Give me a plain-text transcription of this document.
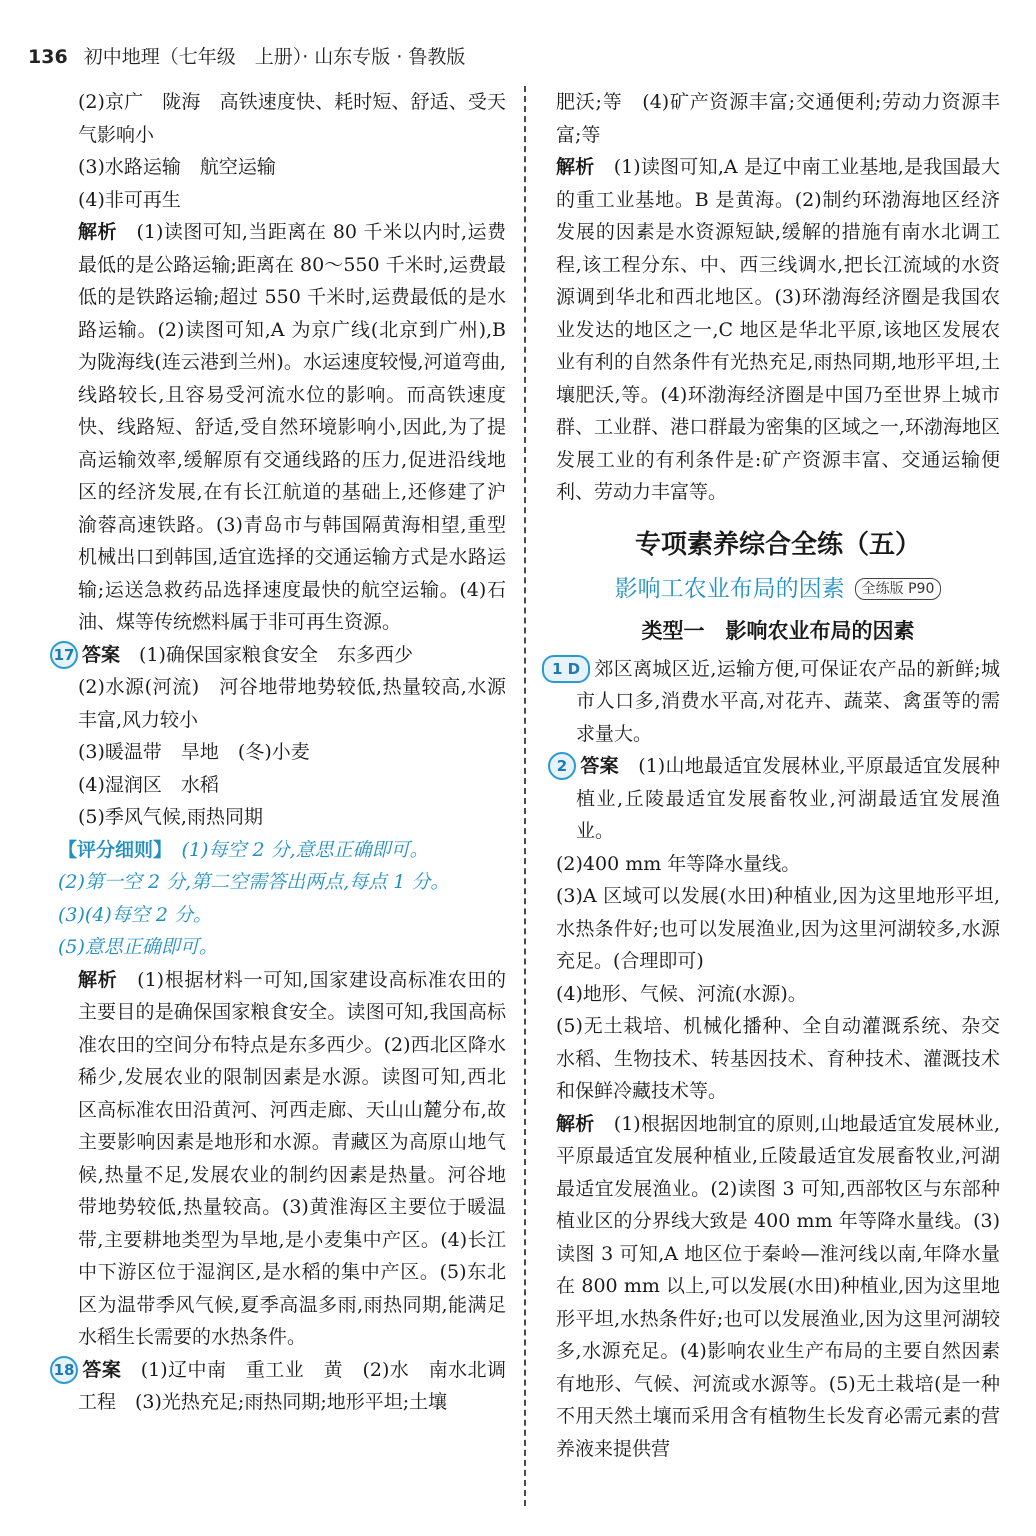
136 初中地理（七年级　上册）· 山东专版 · 鲁教版

(2)京广　陇海　高铁速度快、耗时短、舒适、受天气影响小

(3)水路运输　航空运输

(4)非可再生

解析　 (1)读图可知,当距离在 80 千米以内时,运费最低的是公路运输;距离在 80～550 千米时,运费最低的是铁路运输;超过 550 千米时,运费最低的是水路运输。(2)读图可知,A 为京广线(北京到广州),B 为陇海线(连云港到兰州)。水运速度较慢,河道弯曲,线路较长,且容易受河流水位的影响。而高铁速度快、线路短、舒适,受自然环境影响小,因此,为了提高运输效率,缓解原有交通线路的压力,促进沿线地区的经济发展,在有长江航道的基础上,还修建了沪渝蓉高速铁路。(3)青岛市与韩国隔黄海相望,重型机械出口到韩国,适宜选择的交通运输方式是水路运输;运送急救药品选择速度最快的航空运输。(4)石油、煤等传统燃料属于非可再生资源。

17 答案　 (1)确保国家粮食安全　东多西少

(2)水源(河流)　河谷地带地势较低,热量较高,水源丰富,风力较小

(3)暖温带　旱地　(冬)小麦

(4)湿润区　水稻

(5)季风气候,雨热同期

【评分细则】　 (1)每空 2 分,意思正确即可。

(2)第一空 2 分,第二空需答出两点,每点 1 分。

(3)(4)每空 2 分。

(5)意思正确即可。

解析　 (1)根据材料一可知,国家建设高标准农田的主要目的是确保国家粮食安全。读图可知,我国高标准农田的空间分布特点是东多西少。(2)西北区降水稀少,发展农业的限制因素是水源。读图可知,西北区高标准农田沿黄河、河西走廊、天山山麓分布,故主要影响因素是地形和水源。青藏区为高原山地气候,热量不足,发展农业的制约因素是热量。河谷地带地势较低,热量较高。(3)黄淮海区主要位于暖温带,主要耕地类型为旱地,是小麦集中产区。(4)长江中下游区位于湿润区,是水稻的集中产区。(5)东北区为温带季风气候,夏季高温多雨,雨热同期,能满足水稻生长需要的水热条件。

18 答案　 (1)辽中南　重工业　黄　(2)水　南水北调工程　(3)光热充足;雨热同期;地形平坦;土壤

肥沃;等　(4)矿产资源丰富;交通便利;劳动力资源丰富;等

解析　 (1)读图可知,A 是辽中南工业基地,是我国最大的重工业基地。B 是黄海。(2)制约环渤海地区经济发展的因素是水资源短缺,缓解的措施有南水北调工程,该工程分东、中、西三线调水,把长江流域的水资源调到华北和西北地区。(3)环渤海经济圈是我国农业发达的地区之一,C 地区是华北平原,该地区发展农业有利的自然条件有光热充足,雨热同期,地形平坦,土壤肥沃,等。(4)环渤海经济圈是中国乃至世界上城市群、工业群、港口群最为密集的区域之一,环渤海地区发展工业的有利条件是:矿产资源丰富、交通运输便利、劳动力丰富等。

专项素养综合全练（五）
影响工农业布局的因素 全练版 P90
类型一　影响农业布局的因素

1 D 郊区离城区近,运输方便,可保证农产品的新鲜;城市人口多,消费水平高,对花卉、蔬菜、禽蛋等的需求量大。

2 答案　 (1)山地最适宜发展林业,平原最适宜发展种植业,丘陵最适宜发展畜牧业,河湖最适宜发展渔业。

(2)400 mm 年等降水量线。

(3)A 区域可以发展(水田)种植业,因为这里地形平坦,水热条件好;也可以发展渔业,因为这里河湖较多,水源充足。(合理即可)

(4)地形、气候、河流(水源)。

(5)无土栽培、机械化播种、全自动灌溉系统、杂交水稻、生物技术、转基因技术、育种技术、灌溉技术和保鲜冷藏技术等。

解析　 (1)根据因地制宜的原则,山地最适宜发展林业,平原最适宜发展种植业,丘陵最适宜发展畜牧业,河湖最适宜发展渔业。(2)读图 3 可知,西部牧区与东部种植业区的分界线大致是 400 mm 年等降水量线。(3)读图 3 可知,A 地区位于秦岭—淮河线以南,年降水量在 800 mm 以上,可以发展(水田)种植业,因为这里地形平坦,水热条件好;也可以发展渔业,因为这里河湖较多,水源充足。(4)影响农业生产布局的主要自然因素有地形、气候、河流或水源等。(5)无土栽培(是一种不用天然土壤而采用含有植物生长发育必需元素的营养液来提供营
